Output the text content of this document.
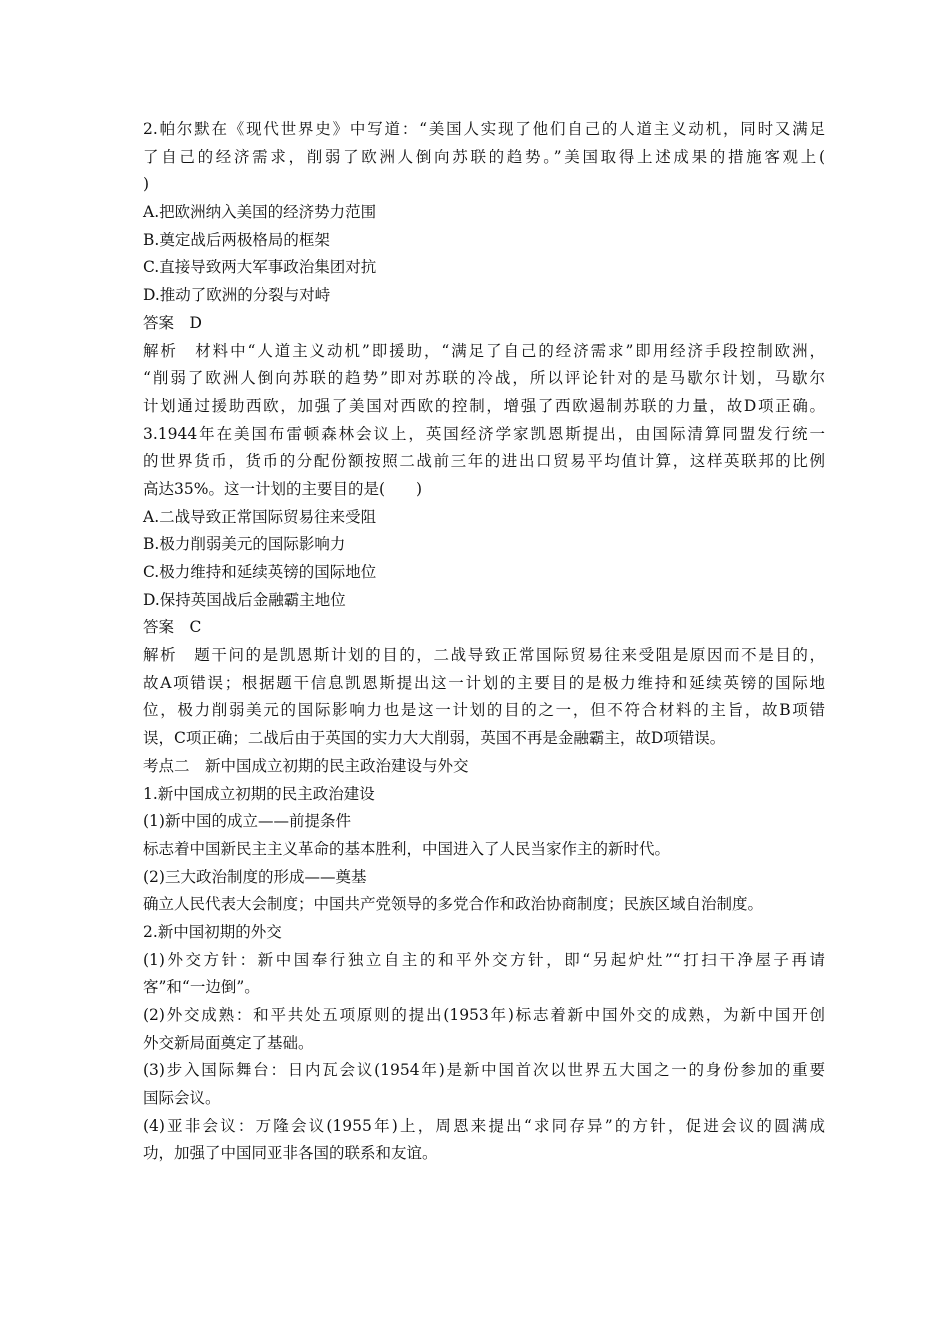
2.帕尔默在《现代世界史》中写道：“美国人实现了他们自己的人道主义动机，同时又满足
了自己的经济需求，削弱了欧洲人倒向苏联的趋势。”美国取得上述成果的措施客观上(
)
A.把欧洲纳入美国的经济势力范围
B.奠定战后两极格局的框架
C.直接导致两大军事政治集团对抗
D.推动了欧洲的分裂与对峙
答案　D
解析　材料中“人道主义动机”即援助，“满足了自己的经济需求”即用经济手段控制欧洲，
“削弱了欧洲人倒向苏联的趋势”即对苏联的冷战，所以评论针对的是马歇尔计划，马歇尔
计划通过援助西欧，加强了美国对西欧的控制，增强了西欧遏制苏联的力量，故D项正确。
3.1944年在美国布雷顿森林会议上，英国经济学家凯恩斯提出，由国际清算同盟发行统一
的世界货币，货币的分配份额按照二战前三年的进出口贸易平均值计算，这样英联邦的比例
高达35%。这一计划的主要目的是(　　)
A.二战导致正常国际贸易往来受阻
B.极力削弱美元的国际影响力
C.极力维持和延续英镑的国际地位
D.保持英国战后金融霸主地位
答案　C
解析　题干问的是凯恩斯计划的目的，二战导致正常国际贸易往来受阻是原因而不是目的，
故A项错误；根据题干信息凯恩斯提出这一计划的主要目的是极力维持和延续英镑的国际地
位，极力削弱美元的国际影响力也是这一计划的目的之一，但不符合材料的主旨，故B项错
误，C项正确；二战后由于英国的实力大大削弱，英国不再是金融霸主，故D项错误。
考点二　新中国成立初期的民主政治建设与外交
1.新中国成立初期的民主政治建设
(1)新中国的成立——前提条件
标志着中国新民主主义革命的基本胜利，中国进入了人民当家作主的新时代。
(2)三大政治制度的形成——奠基
确立人民代表大会制度；中国共产党领导的多党合作和政治协商制度；民族区域自治制度。
2.新中国初期的外交
(1)外交方针：新中国奉行独立自主的和平外交方针，即“另起炉灶”“打扫干净屋子再请
客”和“一边倒”。
(2)外交成熟：和平共处五项原则的提出(1953年)标志着新中国外交的成熟，为新中国开创
外交新局面奠定了基础。
(3)步入国际舞台：日内瓦会议(1954年)是新中国首次以世界五大国之一的身份参加的重要
国际会议。
(4)亚非会议：万隆会议(1955年)上，周恩来提出“求同存异”的方针，促进会议的圆满成
功，加强了中国同亚非各国的联系和友谊。
